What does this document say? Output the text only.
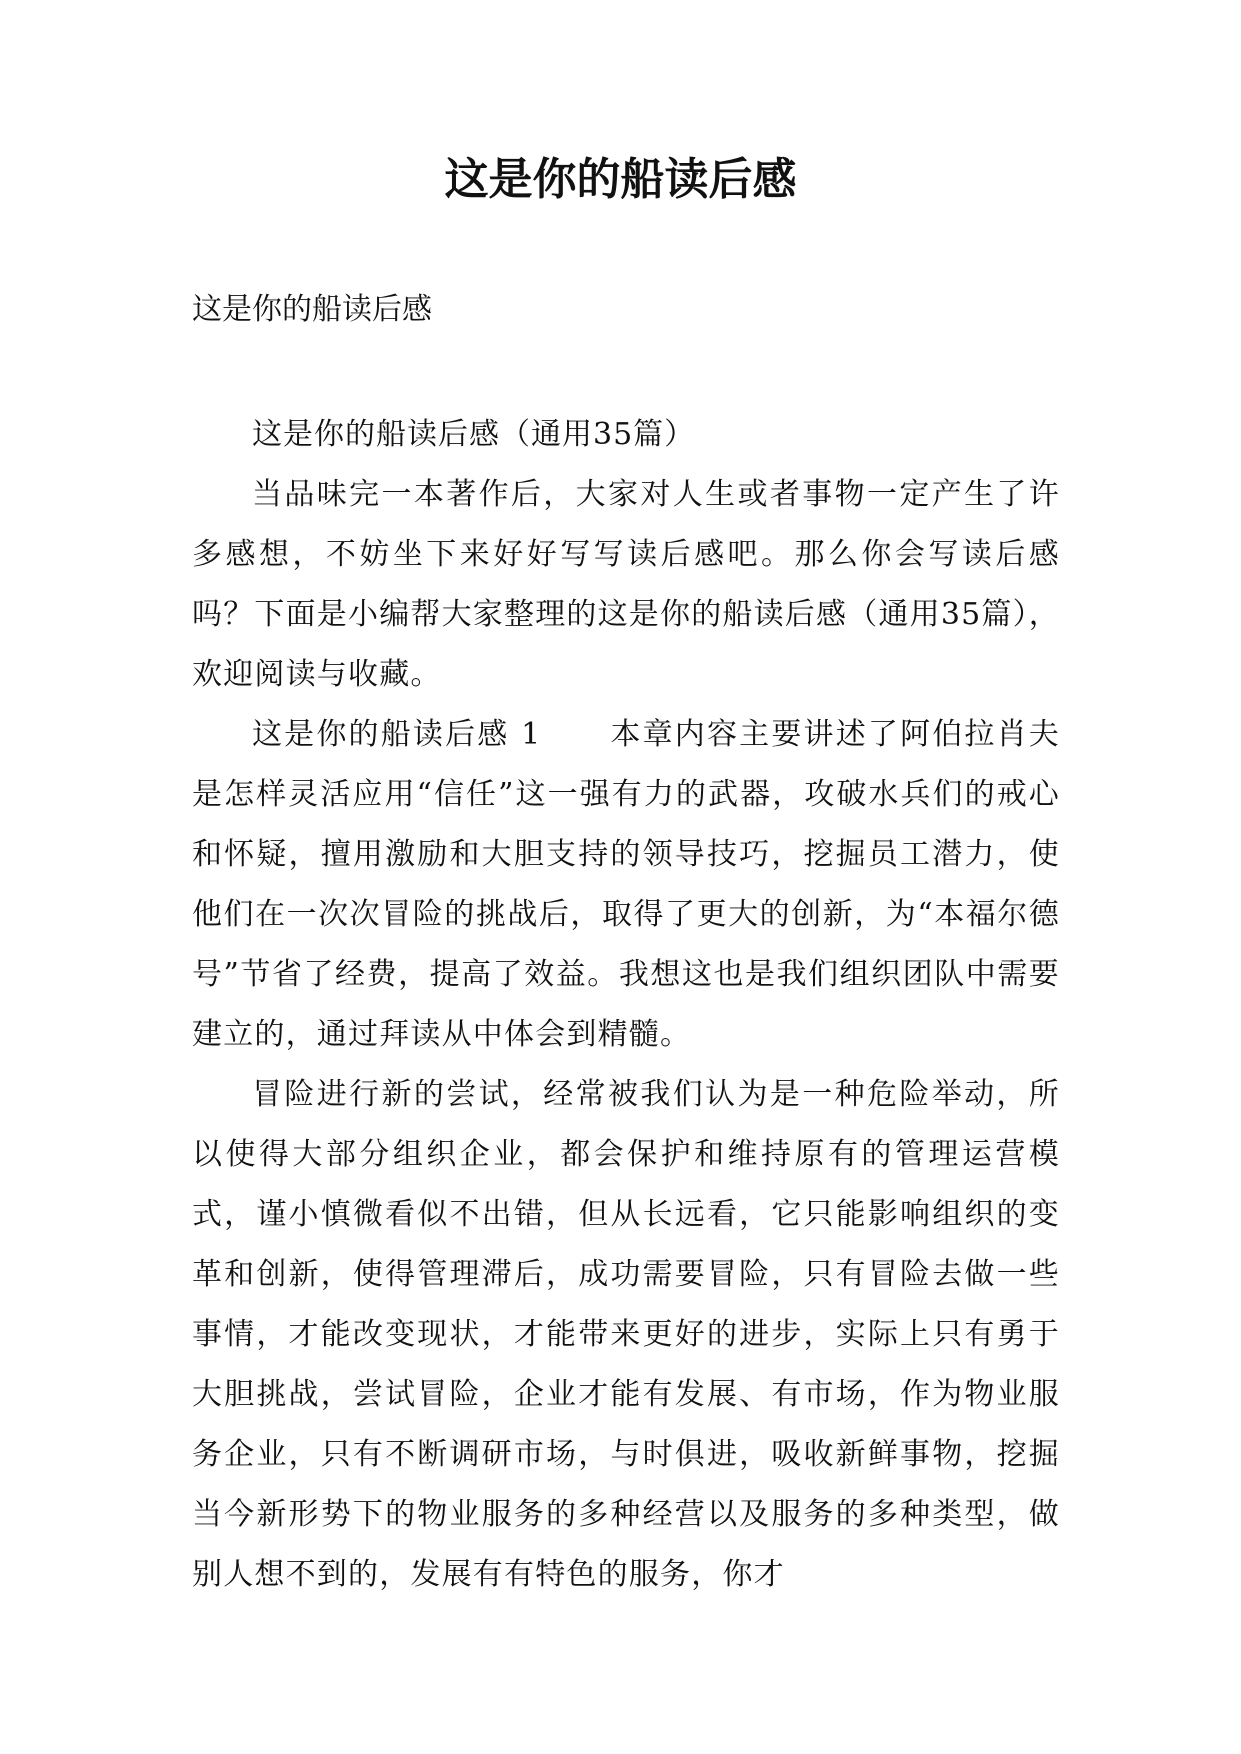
这是你的船读后感

这是你的船读后感

这是你的船读后感（通用35篇）

当品味完一本著作后，大家对人生或者事物一定产生了许多感想，不妨坐下来好好写写读后感吧。那么你会写读后感吗？下面是小编帮大家整理的这是你的船读后感（通用35篇），欢迎阅读与收藏。

这是你的船读后感 1 本章内容主要讲述了阿伯拉肖夫是怎样灵活应用“信任”这一强有力的武器，攻破水兵们的戒心和怀疑，擅用激励和大胆支持的领导技巧，挖掘员工潜力，使他们在一次次冒险的挑战后，取得了更大的创新，为“本福尔德号”节省了经费，提高了效益。我想这也是我们组织团队中需要建立的，通过拜读从中体会到精髓。

冒险进行新的尝试，经常被我们认为是一种危险举动，所以使得大部分组织企业，都会保护和维持原有的管理运营模式，谨小慎微看似不出错，但从长远看，它只能影响组织的变革和创新，使得管理滞后，成功需要冒险，只有冒险去做一些事情，才能改变现状，才能带来更好的进步，实际上只有勇于大胆挑战，尝试冒险，企业才能有发展、有市场，作为物业服务企业，只有不断调研市场，与时俱进，吸收新鲜事物，挖掘当今新形势下的物业服务的多种经营以及服务的多种类型，做别人想不到的，发展有有特色的服务，你才
